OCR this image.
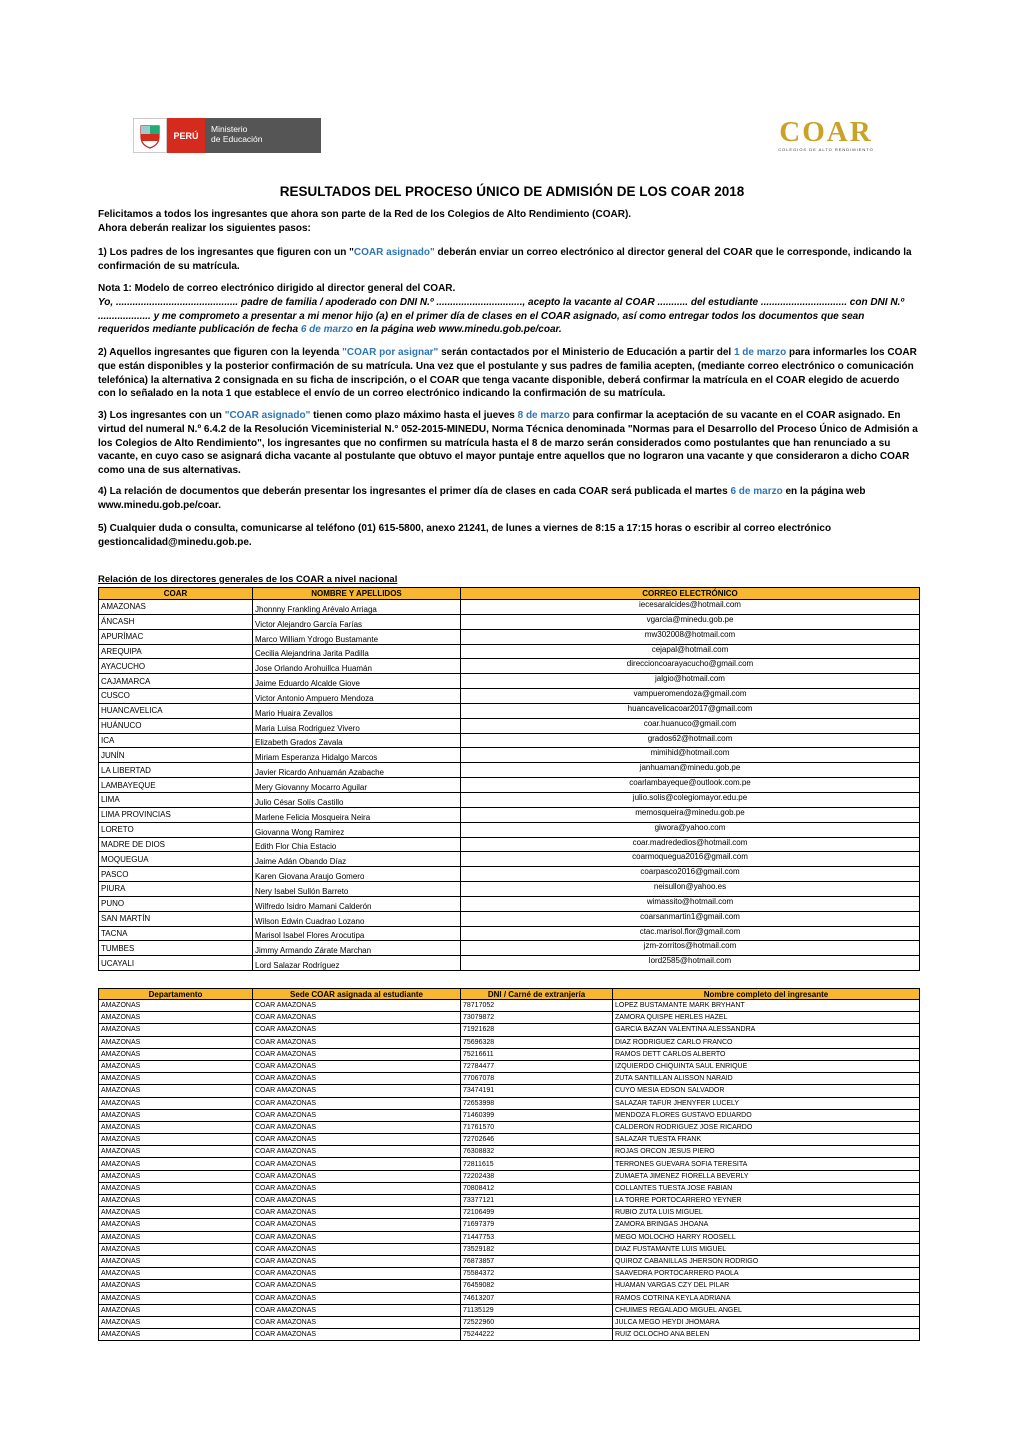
PERÚ
Ministerio
de Educación	COAR
COLEGIOS DE ALTO RENDIMIENTO
RESULTADOS DEL PROCESO ÚNICO DE ADMISIÓN DE LOS COAR 2018
Felicitamos a todos los ingresantes que ahora son parte de la Red de los Colegios de Alto Rendimiento (COAR).
Ahora deberán realizar los siguientes pasos:
1) Los padres de los ingresantes que figuren con un "COAR asignado" deberán enviar un correo electrónico al director general del COAR que le corresponde, indicando la confirmación de su matrícula.
Nota 1: Modelo de correo electrónico dirigido al director general del COAR.
Yo, ............................................ padre de familia / apoderado con DNI N.º ..............................., acepto la vacante al COAR ........... del estudiante ............................... con DNI N.º ................... y me comprometo a presentar a mi menor hijo (a) en el primer día de clases en el COAR asignado, así como entregar todos los documentos que sean requeridos mediante publicación de fecha 6 de marzo en la página web www.minedu.gob.pe/coar.
2) Aquellos ingresantes que figuren con la leyenda "COAR por asignar" serán contactados por el Ministerio de Educación a partir del 1 de marzo para informarles los COAR que están disponibles y la posterior confirmación de su matrícula. Una vez que el postulante y sus padres de familia acepten, (mediante correo electrónico o comunicación telefónica) la alternativa 2 consignada en su ficha de inscripción, o el COAR que tenga vacante disponible, deberá confirmar la matrícula en el COAR elegido de acuerdo con lo señalado en la nota 1 que establece el envío de un correo electrónico indicando la confirmación de su matrícula.
3) Los ingresantes con un "COAR asignado" tienen como plazo máximo hasta el jueves 8 de marzo para confirmar la aceptación de su vacante en el COAR asignado. En virtud del numeral N.º 6.4.2 de la Resolución Viceministerial N.° 052-2015-MINEDU, Norma Técnica denominada "Normas para el Desarrollo del Proceso Único de Admisión a los Colegios de Alto Rendimiento", los ingresantes que no confirmen su matrícula hasta el 8 de marzo serán considerados como postulantes que han renunciado a su vacante, en cuyo caso se asignará dicha vacante al postulante que obtuvo el mayor puntaje entre aquellos que no lograron una vacante y que consideraron a dicho COAR como una de sus alternativas.
4) La relación de documentos que deberán presentar los ingresantes el primer día de clases en cada COAR será publicada el martes 6 de marzo en la página web www.minedu.gob.pe/coar.
5) Cualquier duda o consulta, comunicarse al teléfono (01) 615-5800, anexo 21241, de lunes a viernes de 8:15 a 17:15 horas o escribir al correo electrónico gestioncalidad@minedu.gob.pe.
Relación de los directores generales de los COAR a nivel nacional
COAR	NOMBRE Y APELLIDOS	CORREO ELECTRÓNICO
AMAZONAS	Jhonnny Frankling Arévalo Arriaga	iecesaralcides@hotmail.com
ÁNCASH	Victor Alejandro García Farías	vgarcia@minedu.gob.pe
APURÍMAC	Marco William Ydrogo Bustamante	mw302008@hotmail.com
AREQUIPA	Cecilia Alejandrina Jarita Padilla	cejapal@hotmail.com
AYACUCHO	Jose Orlando Arohuillca Huamán	direccioncoarayacucho@gmail.com
CAJAMARCA	Jaime Eduardo Alcalde Giove	jalgio@hotmail.com
CUSCO	Victor Antonio Ampuero Mendoza	vampueromendoza@gmail.com
HUANCAVELICA	Mario Huaira Zevallos	huancavelicacoar2017@gmail.com
HUÁNUCO	Maria Luisa Rodriguez Vivero	coar.huanuco@gmail.com
ICA	Elizabeth Grados Zavala	grados62@hotmail.com
JUNÍN	Miriam Esperanza Hidalgo Marcos	mimihid@hotmail.com
LA LIBERTAD	Javier Ricardo Anhuamán Azabache	janhuaman@minedu.gob.pe
LAMBAYEQUE	Mery Giovanny Mocarro Aguilar	coarlambayeque@outlook.com.pe
LIMA	Julio César Solís Castillo	julio.solis@colegiomayor.edu.pe
LIMA PROVINCIAS	Marlene Felicia Mosqueira Neira	memosqueira@minedu.gob.pe
LORETO	Giovanna Wong Ramirez	giwora@yahoo.com
MADRE DE DIOS	Edith Flor Chia Estacio	coar.madrededios@hotmail.com
MOQUEGUA	Jaime Adán Obando Díaz	coarmoquegua2016@gmail.com
PASCO	Karen Giovana Araujo Gomero	coarpasco2016@gmail.com
PIURA	Nery Isabel Sullón Barreto	neisullon@yahoo.es
PUNO	Wilfredo Isidro Mamani Calderón	wimassito@hotmail.com
SAN MARTÍN	Wilson Edwin Cuadrao Lozano	coarsanmartin1@gmail.com
TACNA	Marisol Isabel Flores Arocutipa	ctac.marisol.flor@gmail.com
TUMBES	Jimmy Armando Zárate Marchan	jzm-zorritos@hotmail.com
UCAYALI	Lord Salazar Rodríguez	lord2585@hotmail.com
Departamento	Sede COAR asignada al estudiante	DNI / Carné de extranjería	Nombre completo del ingresante
AMAZONAS	COAR AMAZONAS	78717052	LOPEZ BUSTAMANTE MARK BRYHANT
AMAZONAS	COAR AMAZONAS	73079872	ZAMORA QUISPE HERLES HAZEL
AMAZONAS	COAR AMAZONAS	71921628	GARCIA BAZAN VALENTINA ALESSANDRA
AMAZONAS	COAR AMAZONAS	75696328	DIAZ RODRIGUEZ CARLO FRANCO
AMAZONAS	COAR AMAZONAS	75216611	RAMOS DETT CARLOS ALBERTO
AMAZONAS	COAR AMAZONAS	72784477	IZQUIERDO CHIQUINTA SAUL ENRIQUE
AMAZONAS	COAR AMAZONAS	77067078	ZUTA SANTILLAN ALISSON NARAID
AMAZONAS	COAR AMAZONAS	73474191	CUYO MESIA EDSON SALVADOR
AMAZONAS	COAR AMAZONAS	72653998	SALAZAR TAFUR JHENYFER LUCELY
AMAZONAS	COAR AMAZONAS	71460399	MENDOZA FLORES GUSTAVO EDUARDO
AMAZONAS	COAR AMAZONAS	71761570	CALDERON RODRIGUEZ JOSE RICARDO
AMAZONAS	COAR AMAZONAS	72702646	SALAZAR TUESTA FRANK
AMAZONAS	COAR AMAZONAS	76308832	ROJAS ORCON JESUS PIERO
AMAZONAS	COAR AMAZONAS	72811615	TERRONES GUEVARA SOFIA TERESITA
AMAZONAS	COAR AMAZONAS	72202438	ZUMAETA JIMENEZ FIORELLA BEVERLY
AMAZONAS	COAR AMAZONAS	70808412	COLLANTES TUESTA JOSE FABIAN
AMAZONAS	COAR AMAZONAS	73377121	LA TORRE PORTOCARRERO YEYNER
AMAZONAS	COAR AMAZONAS	72106499	RUBIO ZUTA LUIS MIGUEL
AMAZONAS	COAR AMAZONAS	71697379	ZAMORA BRINGAS JHOANA
AMAZONAS	COAR AMAZONAS	71447753	MEGO MOLOCHO HARRY ROOSELL
AMAZONAS	COAR AMAZONAS	73529182	DIAZ FUSTAMANTE LUIS MIGUEL
AMAZONAS	COAR AMAZONAS	76873857	QUIROZ CABANILLAS JHERSON RODRIGO
AMAZONAS	COAR AMAZONAS	75584372	SAAVEDRA PORTOCARRERO PAOLA
AMAZONAS	COAR AMAZONAS	76459082	HUAMAN VARGAS CZY DEL PILAR
AMAZONAS	COAR AMAZONAS	74613207	RAMOS COTRINA KEYLA ADRIANA
AMAZONAS	COAR AMAZONAS	71135129	CHUIMES REGALADO MIGUEL ANGEL
AMAZONAS	COAR AMAZONAS	72522960	JULCA MEGO HEYDI JHOMARA
AMAZONAS	COAR AMAZONAS	75244222	RUIZ OCLOCHO ANA BELEN
